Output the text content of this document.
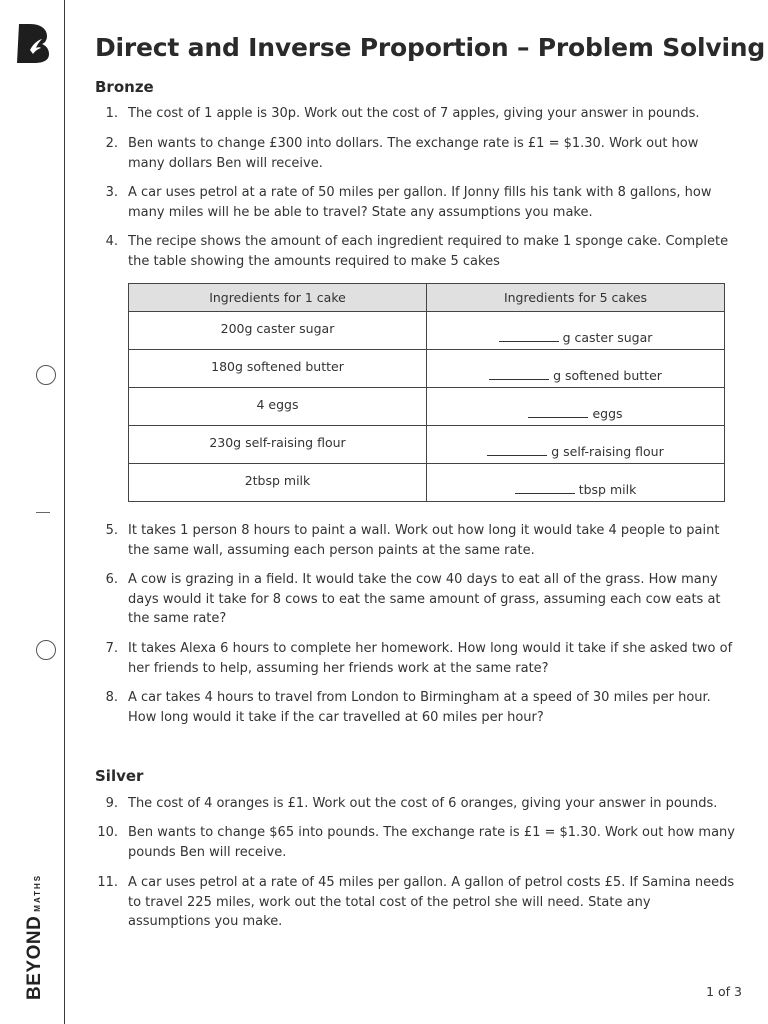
BEYOND
MATHS
Direct and Inverse Proportion – Problem Solving
Bronze
1. The cost of 1 apple is 30p. Work out the cost of 7 apples, giving your answer in pounds.
2. Ben wants to change £300 into dollars. The exchange rate is £1 = $1.30. Work out how many dollars Ben will receive.
3. A car uses petrol at a rate of 50 miles per gallon. If Jonny fills his tank with 8 gallons, how many miles will he be able to travel? State any assumptions you make.
4. The recipe shows the amount of each ingredient required to make 1 sponge cake. Complete the table showing the amounts required to make 5 cakes
Ingredients for 1 cake	Ingredients for 5 cakes
200g caster sugar	g caster sugar
180g softened butter	g softened butter
4 eggs	eggs
230g self-raising flour	g self-raising flour
2tbsp milk	tbsp milk
5. It takes 1 person 8 hours to paint a wall. Work out how long it would take 4 people to paint the same wall, assuming each person paints at the same rate.
6. A cow is grazing in a field. It would take the cow 40 days to eat all of the grass. How many days would it take for 8 cows to eat the same amount of grass, assuming each cow eats at the same rate?
7. It takes Alexa 6 hours to complete her homework. How long would it take if she asked two of her friends to help, assuming her friends work at the same rate?
8. A car takes 4 hours to travel from London to Birmingham at a speed of 30 miles per hour. How long would it take if the car travelled at 60 miles per hour?
Silver
9. The cost of 4 oranges is £1. Work out the cost of 6 oranges, giving your answer in pounds.
10. Ben wants to change $65 into pounds. The exchange rate is £1 = $1.30. Work out how many pounds Ben will receive.
11. A car uses petrol at a rate of 45 miles per gallon. A gallon of petrol costs £5. If Samina needs to travel 225 miles, work out the total cost of the petrol she will need. State any assumptions you make.
1 of 3
